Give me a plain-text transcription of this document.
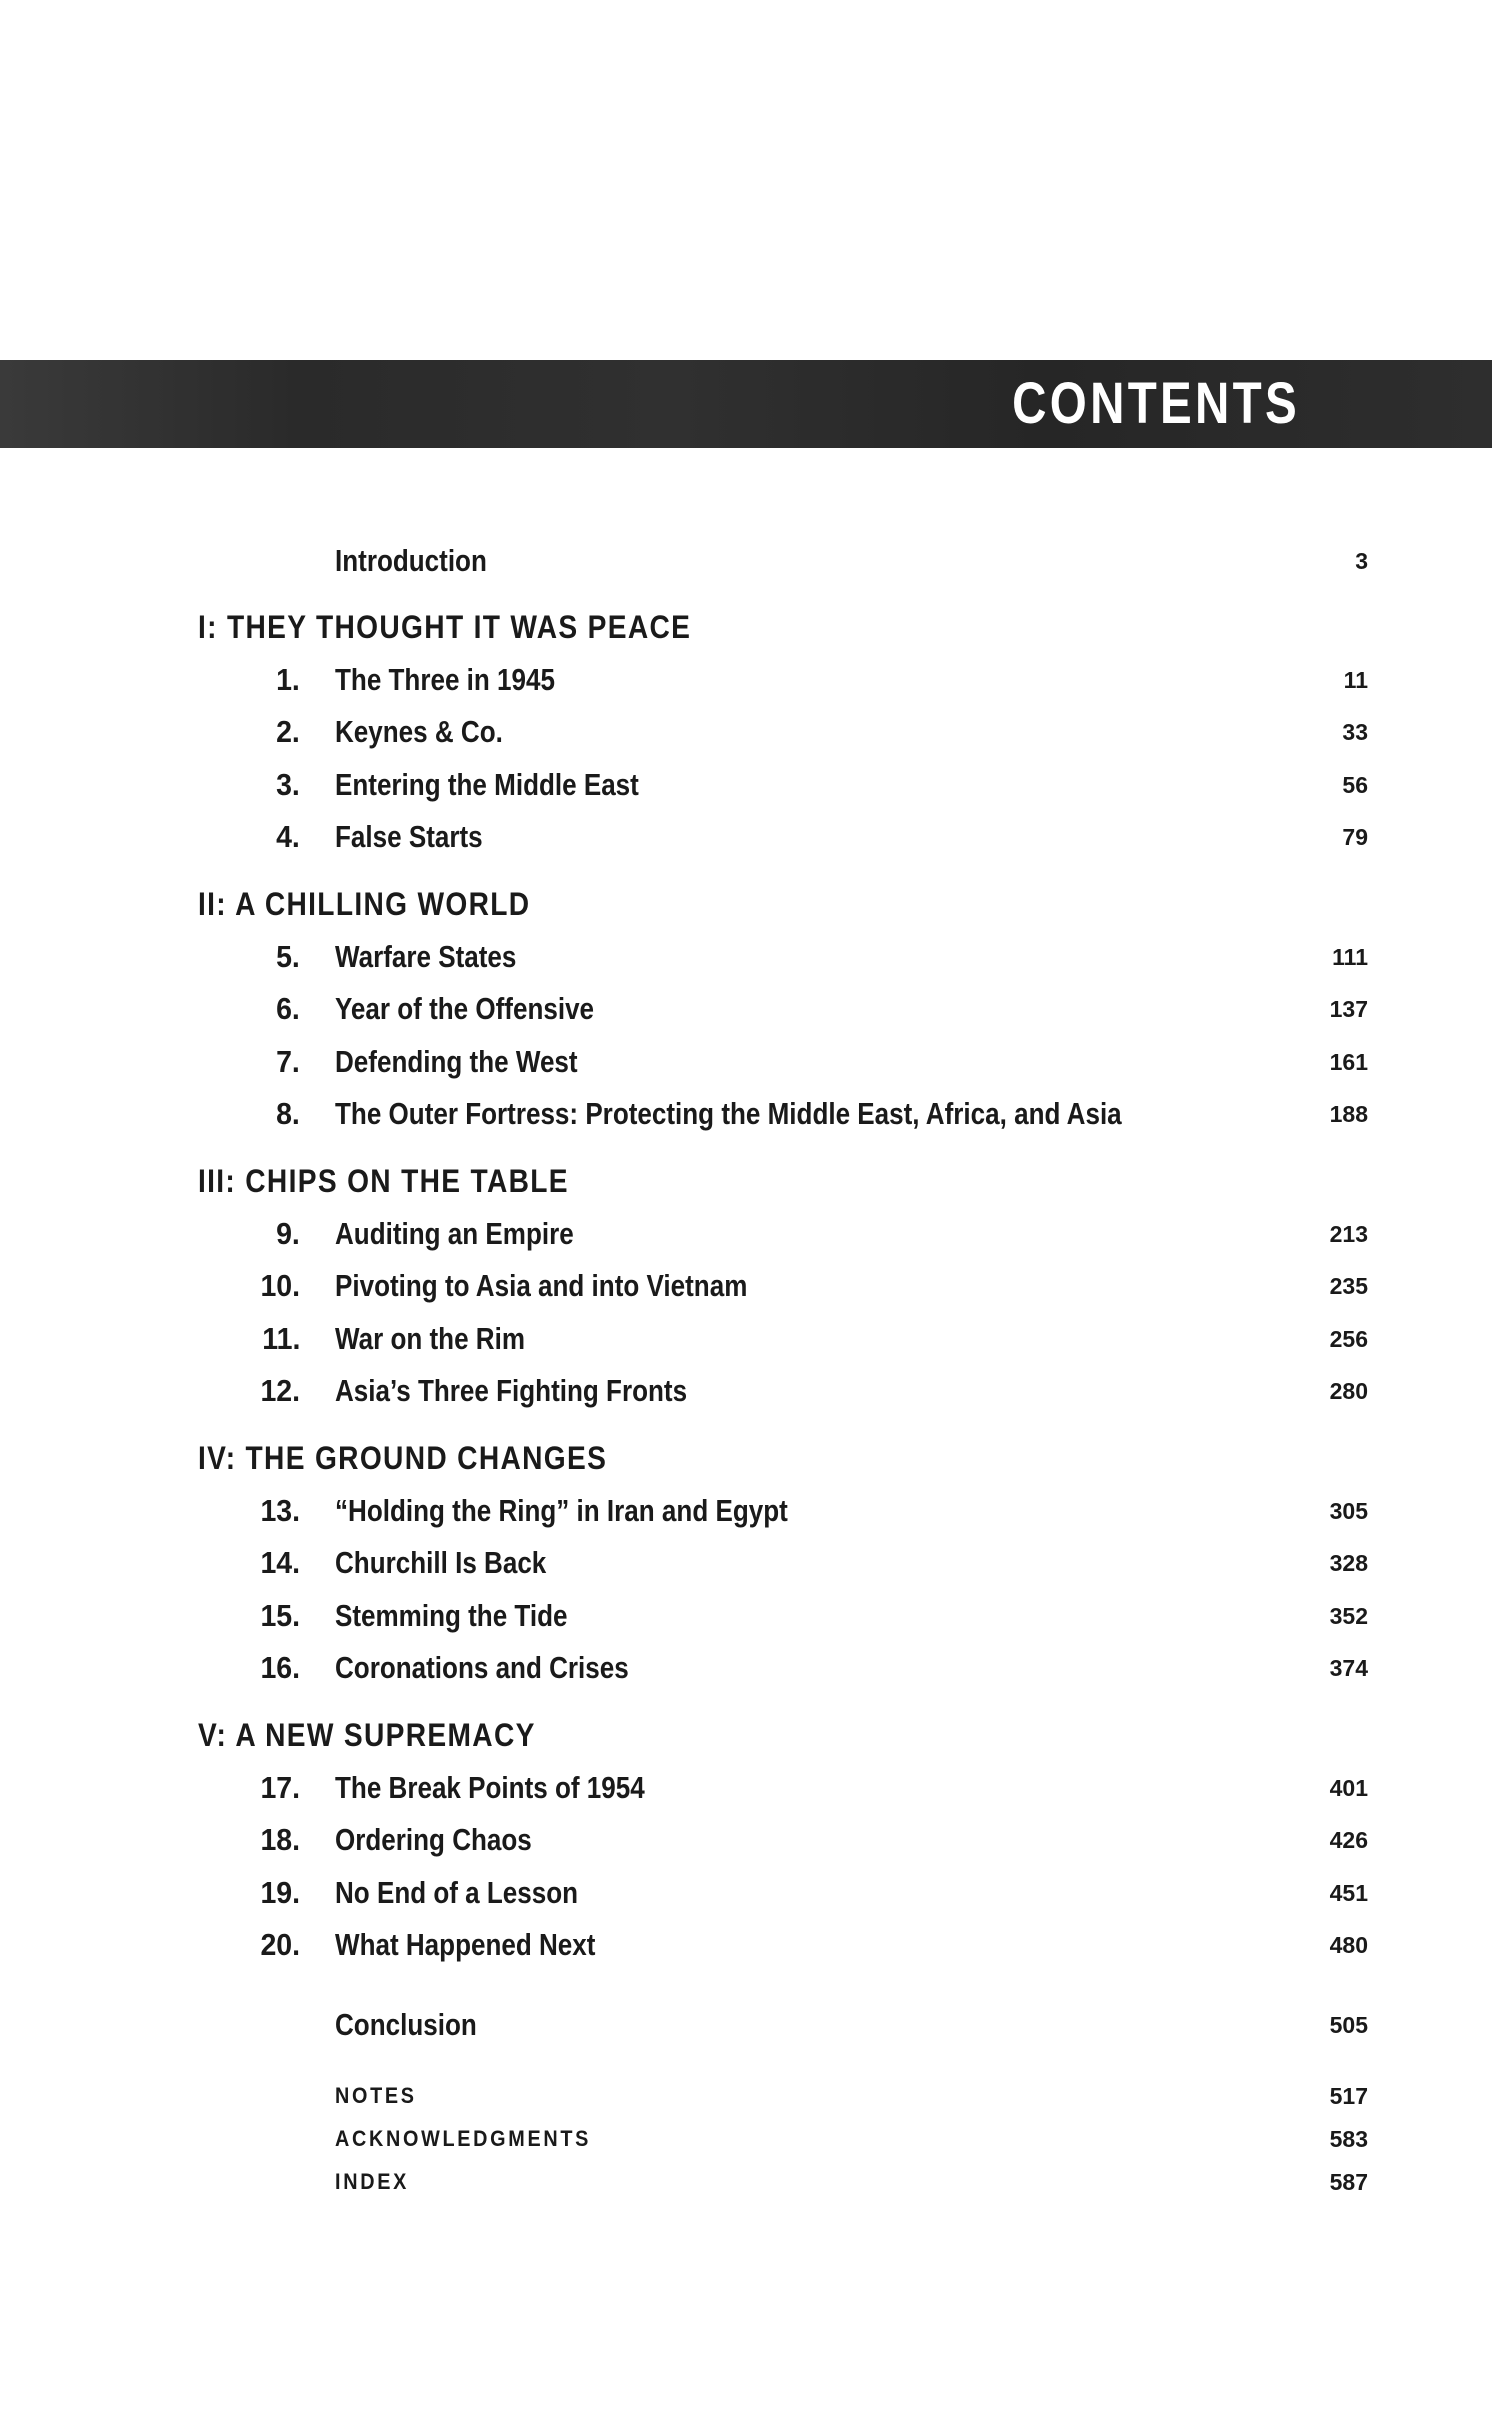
CONTENTS
Introduction	3
I: THEY THOUGHT IT WAS PEACE
1. The Three in 1945	11
2. Keynes & Co.	33
3. Entering the Middle East	56
4. False Starts	79
II: A CHILLING WORLD
5. Warfare States	111
6. Year of the Offensive	137
7. Defending the West	161
8. The Outer Fortress: Protecting the Middle East, Africa, and Asia	188
III: CHIPS ON THE TABLE
9. Auditing an Empire	213
10. Pivoting to Asia and into Vietnam	235
11. War on the Rim	256
12. Asia’s Three Fighting Fronts	280
IV: THE GROUND CHANGES
13. “Holding the Ring” in Iran and Egypt	305
14. Churchill Is Back	328
15. Stemming the Tide	352
16. Coronations and Crises	374
V: A NEW SUPREMACY
17. The Break Points of 1954	401
18. Ordering Chaos	426
19. No End of a Lesson	451
20. What Happened Next	480
Conclusion	505
NOTES	517
ACKNOWLEDGMENTS	583
INDEX	587
